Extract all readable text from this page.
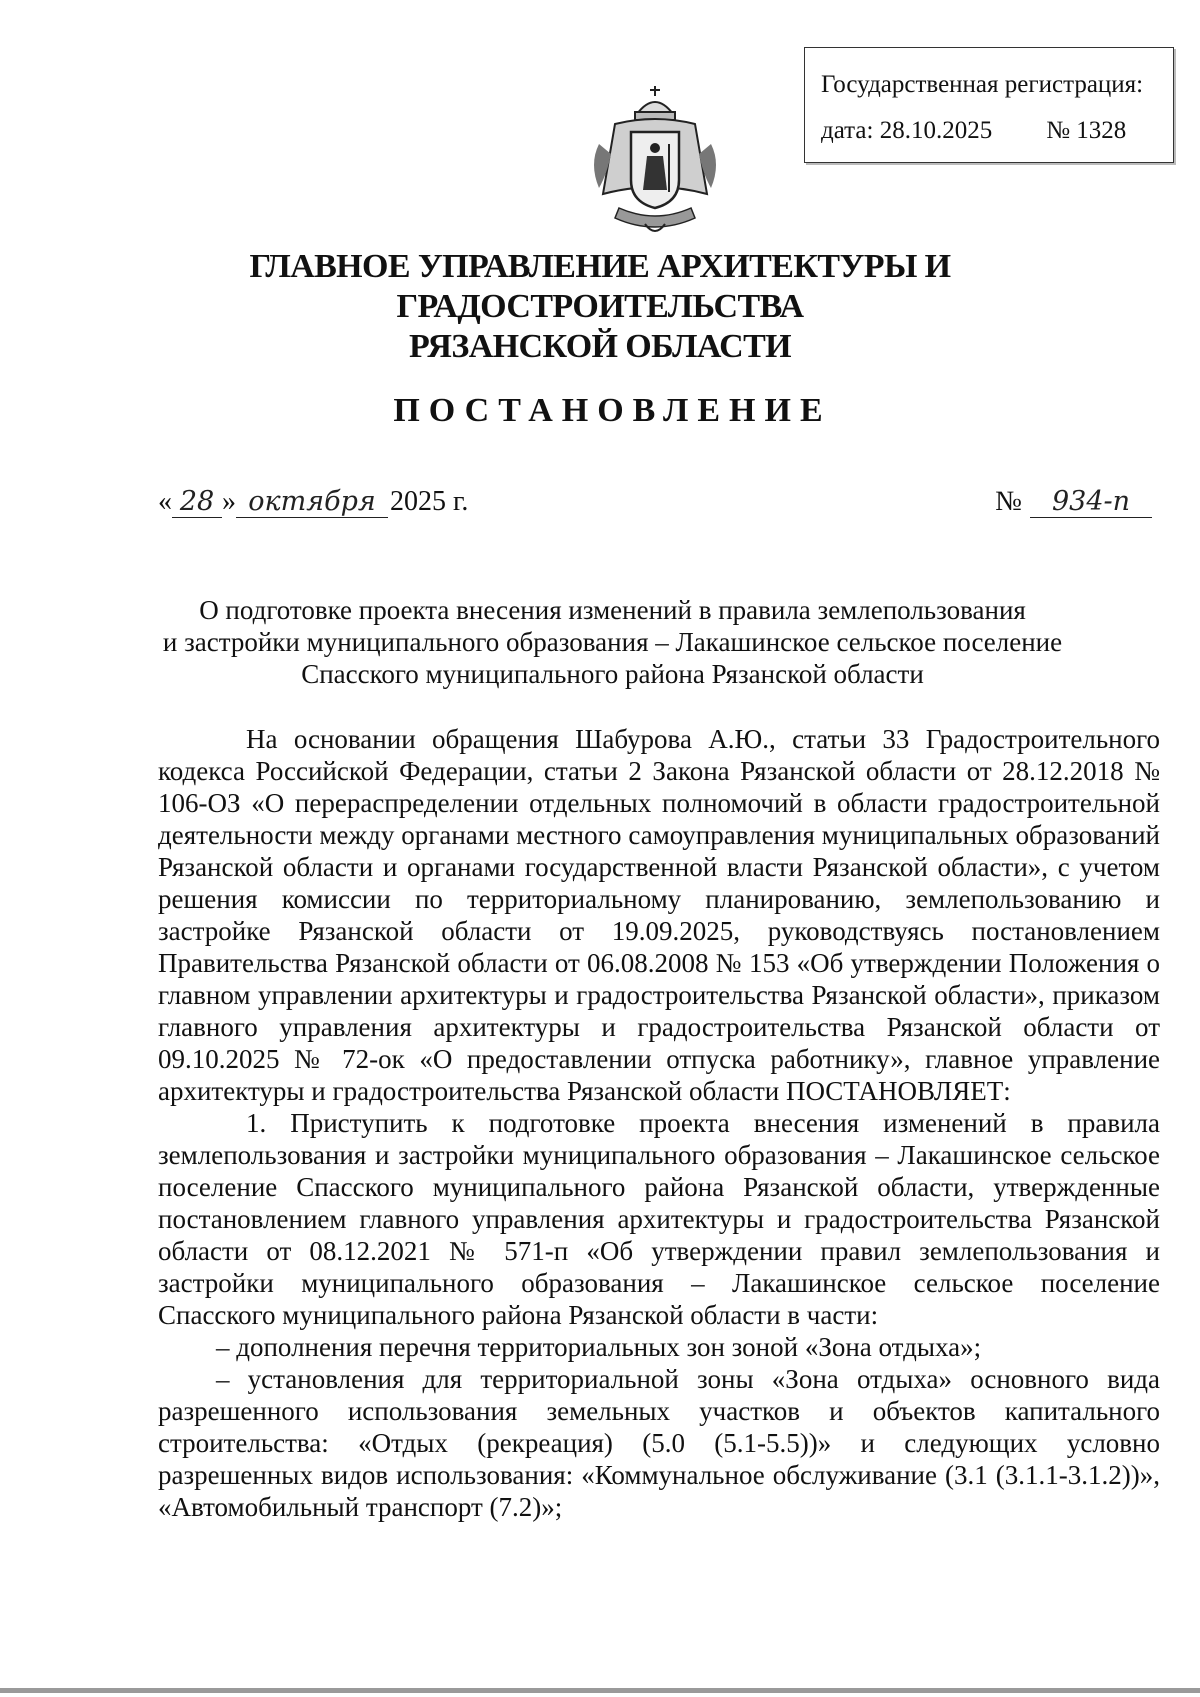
Государственная регистрация:
дата: 28.10.2025 № 1328
ГЛАВНОЕ УПРАВЛЕНИЕ АРХИТЕКТУРЫ И ГРАДОСТРОИТЕЛЬСТВА
РЯЗАНСКОЙ ОБЛАСТИ
ПОСТАНОВЛЕНИЕ
« 28 » октября 2025 г.	№	934-п
О подготовке проекта внесения изменений в правила землепользования
и застройки муниципального образования – Лакашинское сельское поселение
Спасского муниципального района Рязанской области

На основании обращения Шабурова А.Ю., статьи 33 Градостроительного кодекса Российской Федерации, статьи 2 Закона Рязанской области от 28.12.2018 № 106-ОЗ «О перераспределении отдельных полномочий в области градостроительной деятельности между органами местного самоуправления муниципальных образований Рязанской области и органами государственной власти Рязанской области», с учетом решения комиссии по территориальному планированию, землепользованию и застройке Рязанской области от 19.09.2025, руководствуясь постановлением Правительства Рязанской области от 06.08.2008 № 153 «Об утверждении Положения о главном управлении архитектуры и градостроительства Рязанской области», приказом главного управления архитектуры и градостроительства Рязанской области от 09.10.2025 № 72-ок «О предоставлении отпуска работнику», главное управление архитектуры и градостроительства Рязанской области ПОСТАНОВЛЯЕТ:

1. Приступить к подготовке проекта внесения изменений в правила землепользования и застройки муниципального образования – Лакашинское сельское поселение Спасского муниципального района Рязанской области, утвержденные постановлением главного управления архитектуры и градостроительства Рязанской области от 08.12.2021 № 571-п «Об утверждении правил землепользования и застройки муниципального образования – Лакашинское сельское поселение Спасского муниципального района Рязанской области в части:

– дополнения перечня территориальных зон зоной «Зона отдыха»;

– установления для территориальной зоны «Зона отдыха» основного вида разрешенного использования земельных участков и объектов капитального строительства: «Отдых (рекреация) (5.0 (5.1-5.5))» и следующих условно разрешенных видов использования: «Коммунальное обслуживание (3.1 (3.1.1-3.1.2))», «Автомобильный транспорт (7.2)»;
